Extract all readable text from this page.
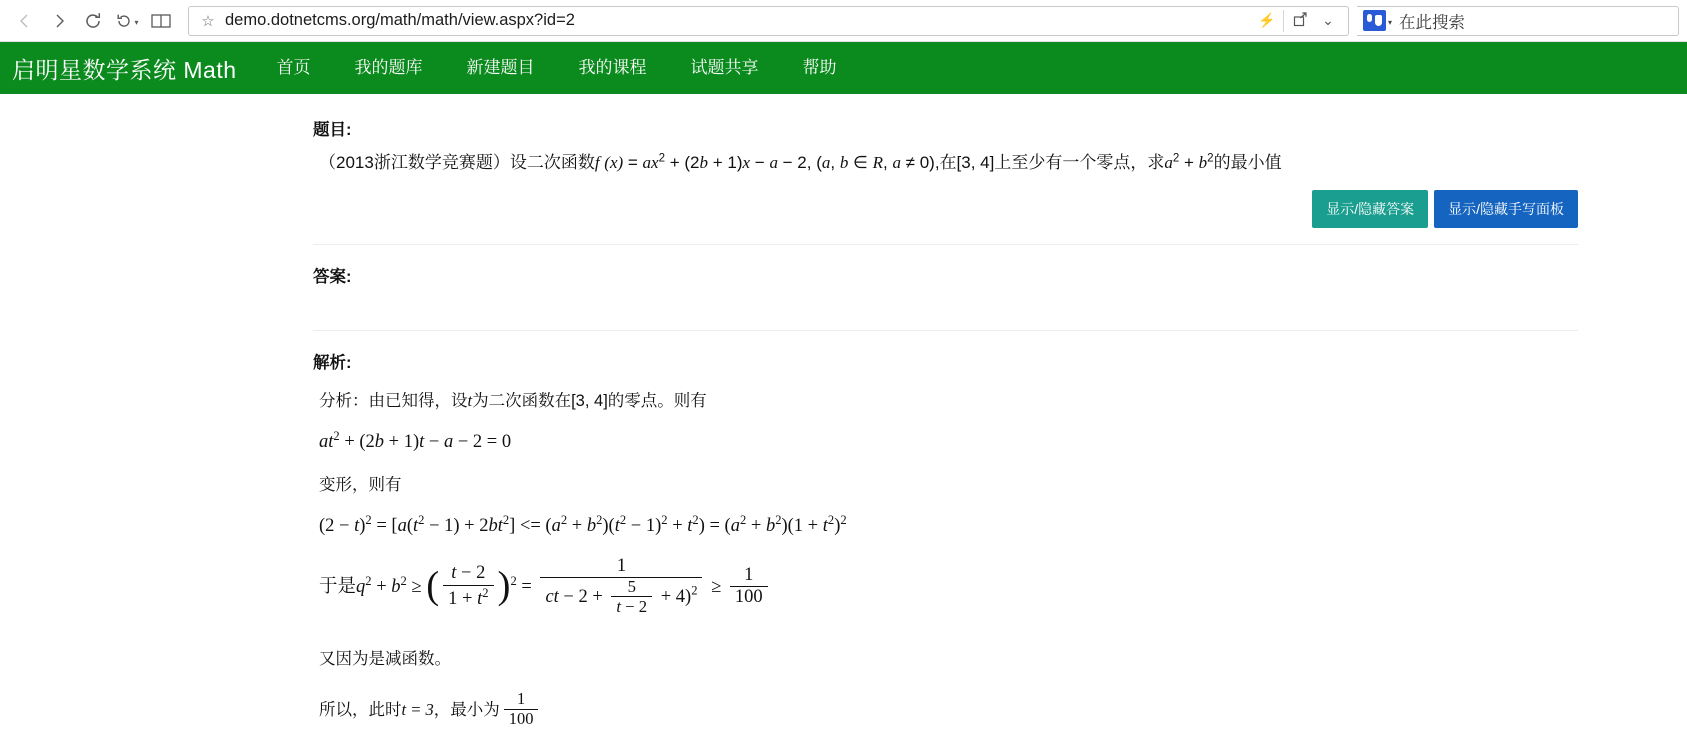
▾	☆ demo.dotnetcms.org/math/math/view.aspx?id=2	⚡	⌄	▾ 在此搜索
启明星数学系统 Math	首页	我的题库	新建题目	我的课程	试题共享	帮助
题目:
（2013浙江数学竞赛题）设二次函数f $(x) = ax^2 + (2b + 1)x - a - 2$, (a, b ∈ R, a ≠ 0),在[3, 4]上至少有一个零点，求$a^2 + b^2$的最小值
显示/隐藏答案	显示/隐藏手写面板
答案:
解析:
分析：由已知得，设t为二次函数在[3, 4]的零点。则有
$at^2 + (2b + 1)t - a - 2 = 0$
变形，则有
$(2 - t)^2 = [a(t^2 - 1) + 2bt^2] <= (a^2 + b^2)(t^2 - 1)^2 + t^2) = (a^2 + b^2)(1 + t^2)^2$
于是$q^2 + b^2$ ≥ ( $\frac{t - 2}{1 + t^2} )^2 = \frac{1}{ct - 2 + \frac{5}{t - 2} + 4)^2} \ge \frac{1}{100}$
又因为是减函数。
所以，此时t = 3，最小为 $\frac{1}{100}$
